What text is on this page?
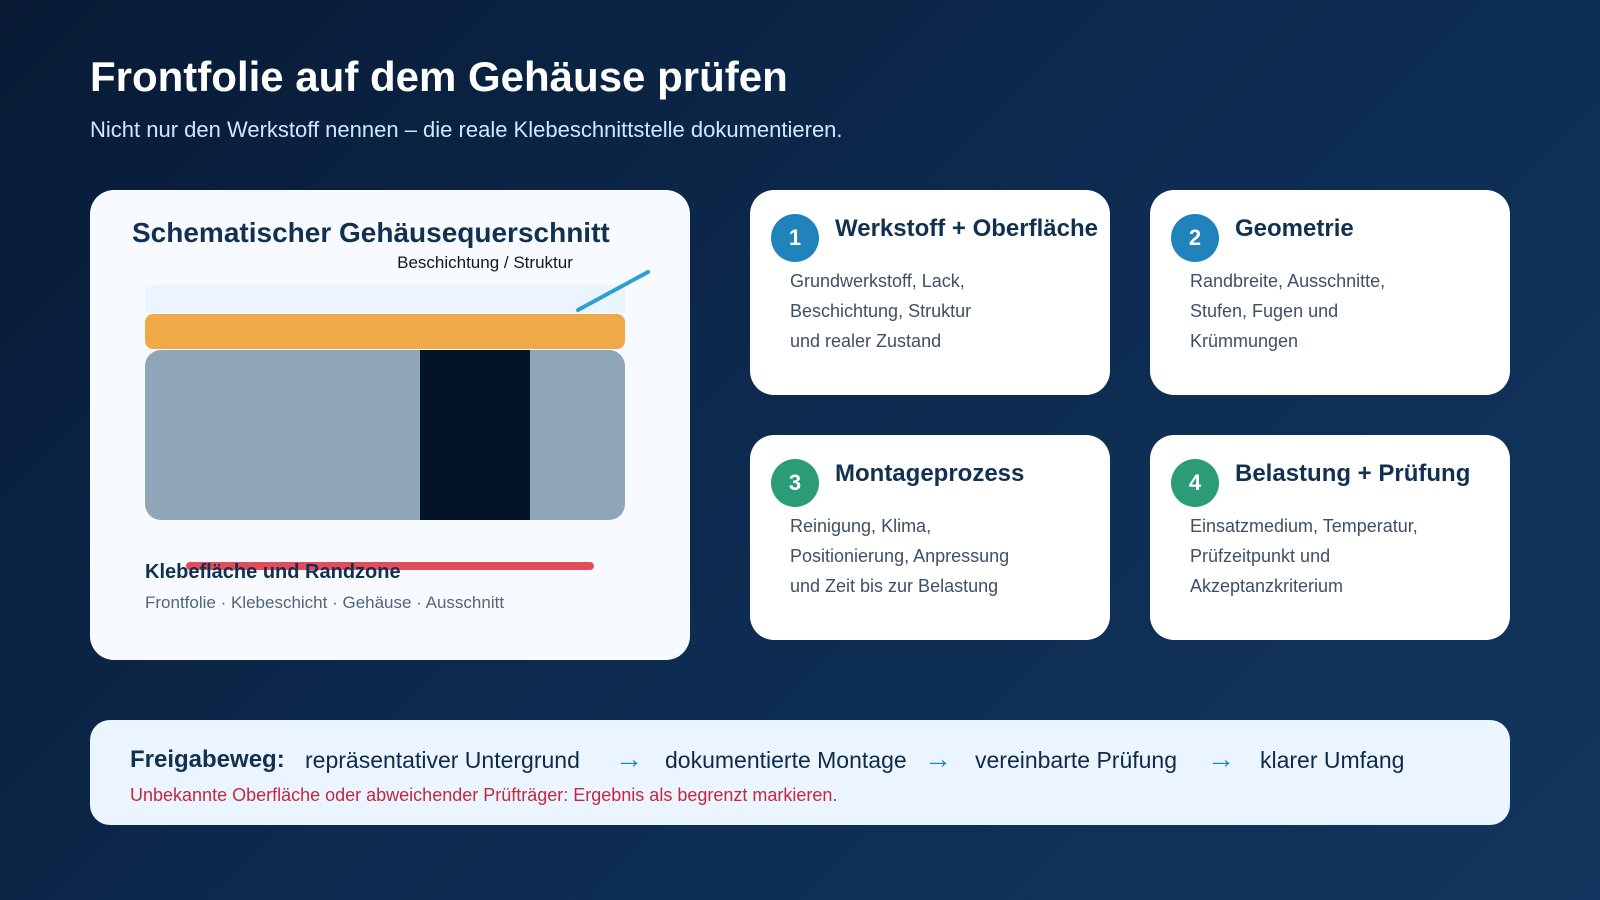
Frontfolie auf dem Gehäuse prüfen

Nicht nur den Werkstoff nennen – die reale Klebeschnittstelle dokumentieren.

Schematischer Gehäusequerschnitt
Beschichtung / Struktur
Klebefläche und Randzone
Frontfolie · Klebeschicht · Gehäuse · Ausschnitt
1	Werkstoff + Oberfläche
Grundwerkstoff, Lack,
Beschichtung, Struktur
und realer Zustand
2	Geometrie
Randbreite, Ausschnitte,
Stufen, Fugen und
Krümmungen
3	Montageprozess
Reinigung, Klima,
Positionierung, Anpressung
und Zeit bis zur Belastung
4	Belastung + Prüfung
Einsatzmedium, Temperatur,
Prüfzeitpunkt und
Akzeptanzkriterium
Freigabeweg: repräsentativer Untergrund → dokumentierte Montage → vereinbarte Prüfung → klarer Umfang
Unbekannte Oberfläche oder abweichender Prüfträger: Ergebnis als begrenzt markieren.
